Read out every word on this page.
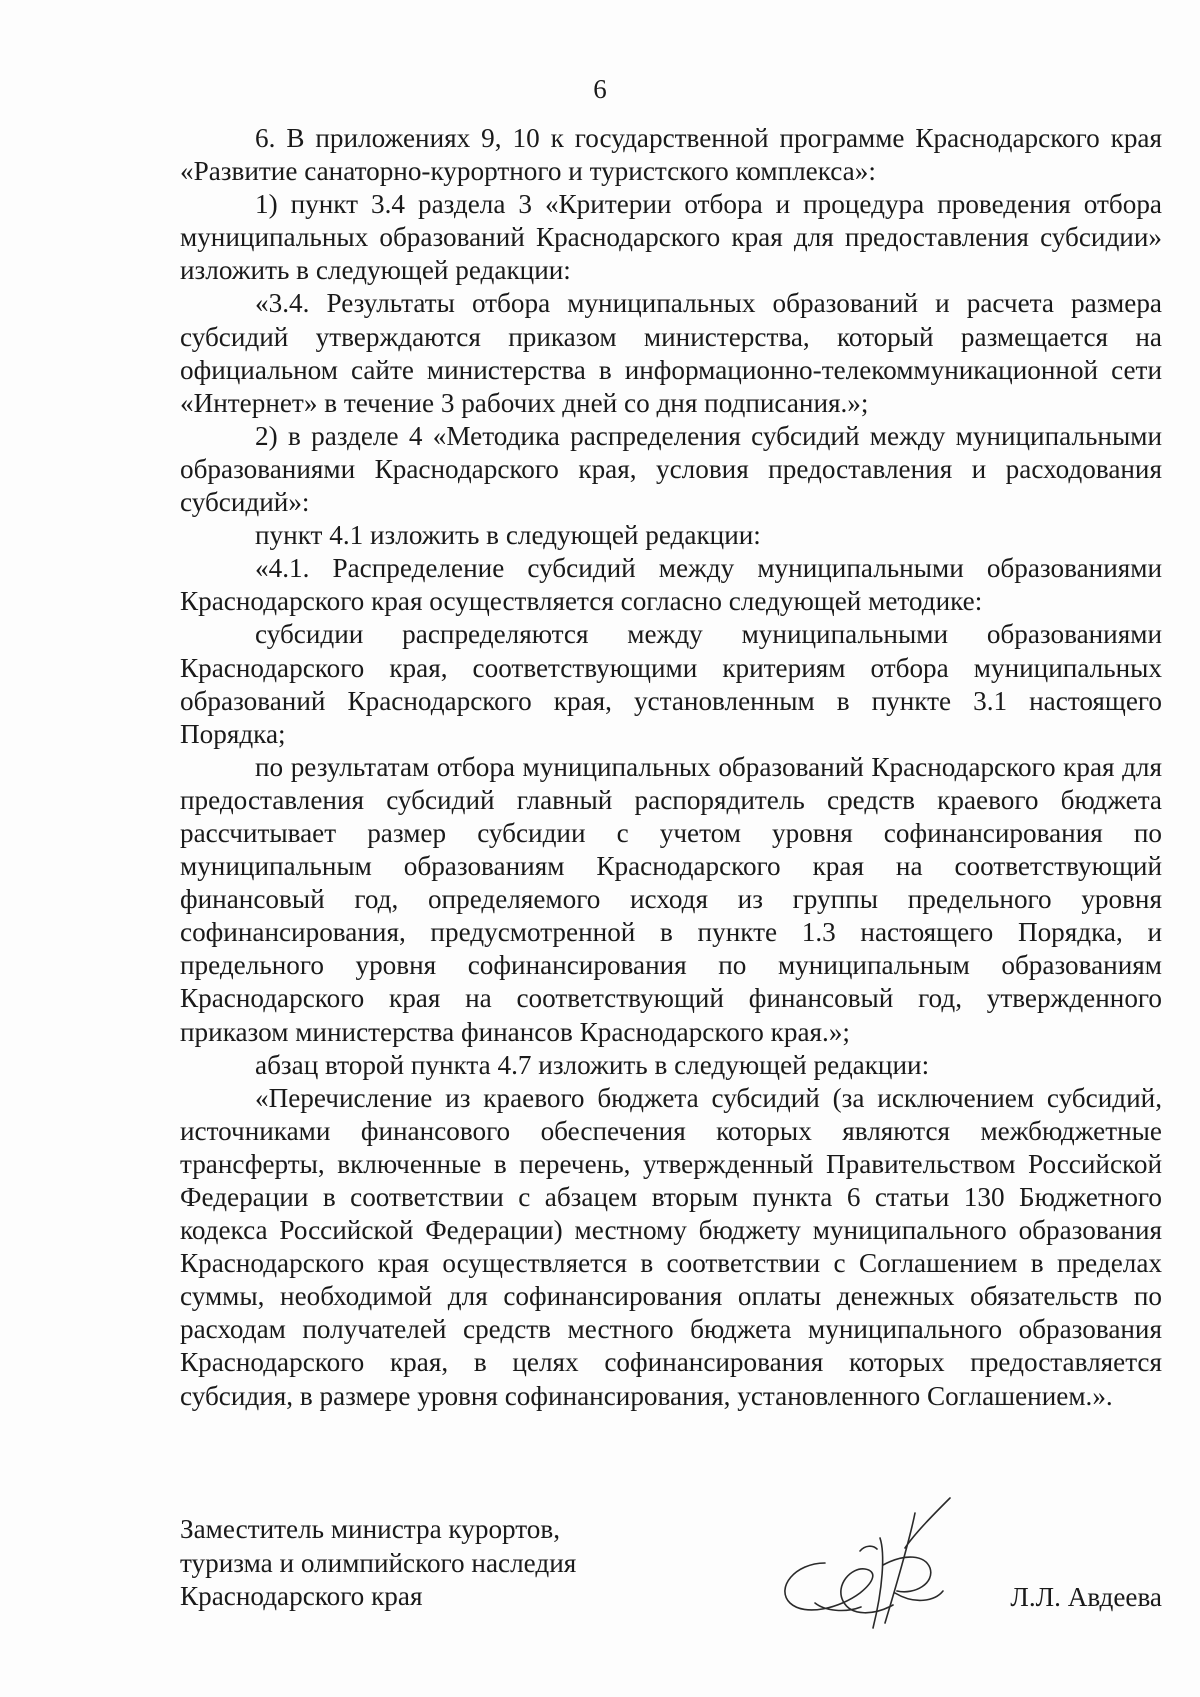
6

6. В приложениях 9, 10 к государственной программе Краснодарского края «Развитие санаторно-курортного и туристского комплекса»:

1) пункт 3.4 раздела 3 «Критерии отбора и процедура проведения отбора муниципальных образований Краснодарского края для предоставления субсидии» изложить в следующей редакции:

«3.4. Результаты отбора муниципальных образований и расчета размера субсидий утверждаются приказом министерства, который размещается на официальном сайте министерства в информационно-телекоммуникационной сети «Интернет» в течение 3 рабочих дней со дня подписания.»;

2) в разделе 4 «Методика распределения субсидий между муниципальными образованиями Краснодарского края, условия предоставления и расходования субсидий»:

пункт 4.1 изложить в следующей редакции:

«4.1. Распределение субсидий между муниципальными образованиями Краснодарского края осуществляется согласно следующей методике:

субсидии распределяются между муниципальными образованиями Краснодарского края, соответствующими критериям отбора муниципальных образований Краснодарского края, установленным в пункте 3.1 настоящего Порядка;

по результатам отбора муниципальных образований Краснодарского края для предоставления субсидий главный распорядитель средств краевого бюджета рассчитывает размер субсидии с учетом уровня софинансирования по муниципальным образованиям Краснодарского края на соответствующий финансовый год, определяемого исходя из группы предельного уровня софинансирования, предусмотренной в пункте 1.3 настоящего Порядка, и предельного уровня софинансирования по муниципальным образованиям Краснодарского края на соответствующий финансовый год, утвержденного приказом министерства финансов Краснодарского края.»;

абзац второй пункта 4.7 изложить в следующей редакции:

«Перечисление из краевого бюджета субсидий (за исключением субсидий, источниками финансового обеспечения которых являются межбюджетные трансферты, включенные в перечень, утвержденный Правительством Российской Федерации в соответствии с абзацем вторым пункта 6 статьи 130 Бюджетного кодекса Российской Федерации) местному бюджету муниципального образования Краснодарского края осуществляется в соответствии с Соглашением в пределах суммы, необходимой для софинансирования оплаты денежных обязательств по расходам получателей средств местного бюджета муниципального образования Краснодарского края, в целях софинансирования которых предоставляется субсидия, в размере уровня софинансирования, установленного Соглашением.».

Заместитель министра курортов,
туризма и олимпийского наследия
Краснодарского края	Л.Л. Авдеева
